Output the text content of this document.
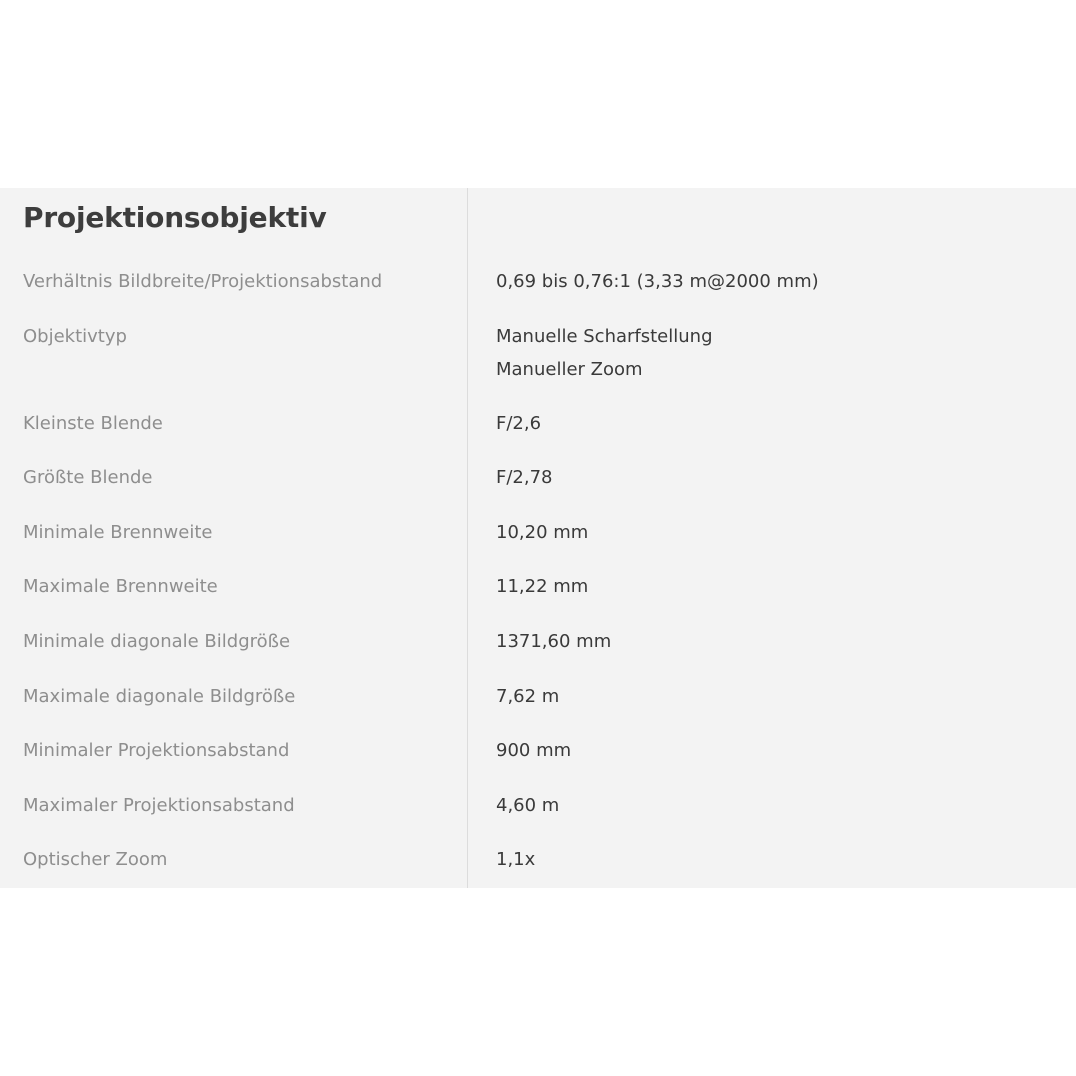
Projektionsobjektiv
Verhältnis Bildbreite/Projektionsabstand	0,69 bis 0,76:1 (3,33 m@2000 mm)
Objektivtyp	Manuelle Scharfstellung
Manueller Zoom
Kleinste Blende	F/2,6
Größte Blende	F/2,78
Minimale Brennweite	10,20 mm
Maximale Brennweite	11,22 mm
Minimale diagonale Bildgröße	1371,60 mm
Maximale diagonale Bildgröße	7,62 m
Minimaler Projektionsabstand	900 mm
Maximaler Projektionsabstand	4,60 m
Optischer Zoom	1,1x
